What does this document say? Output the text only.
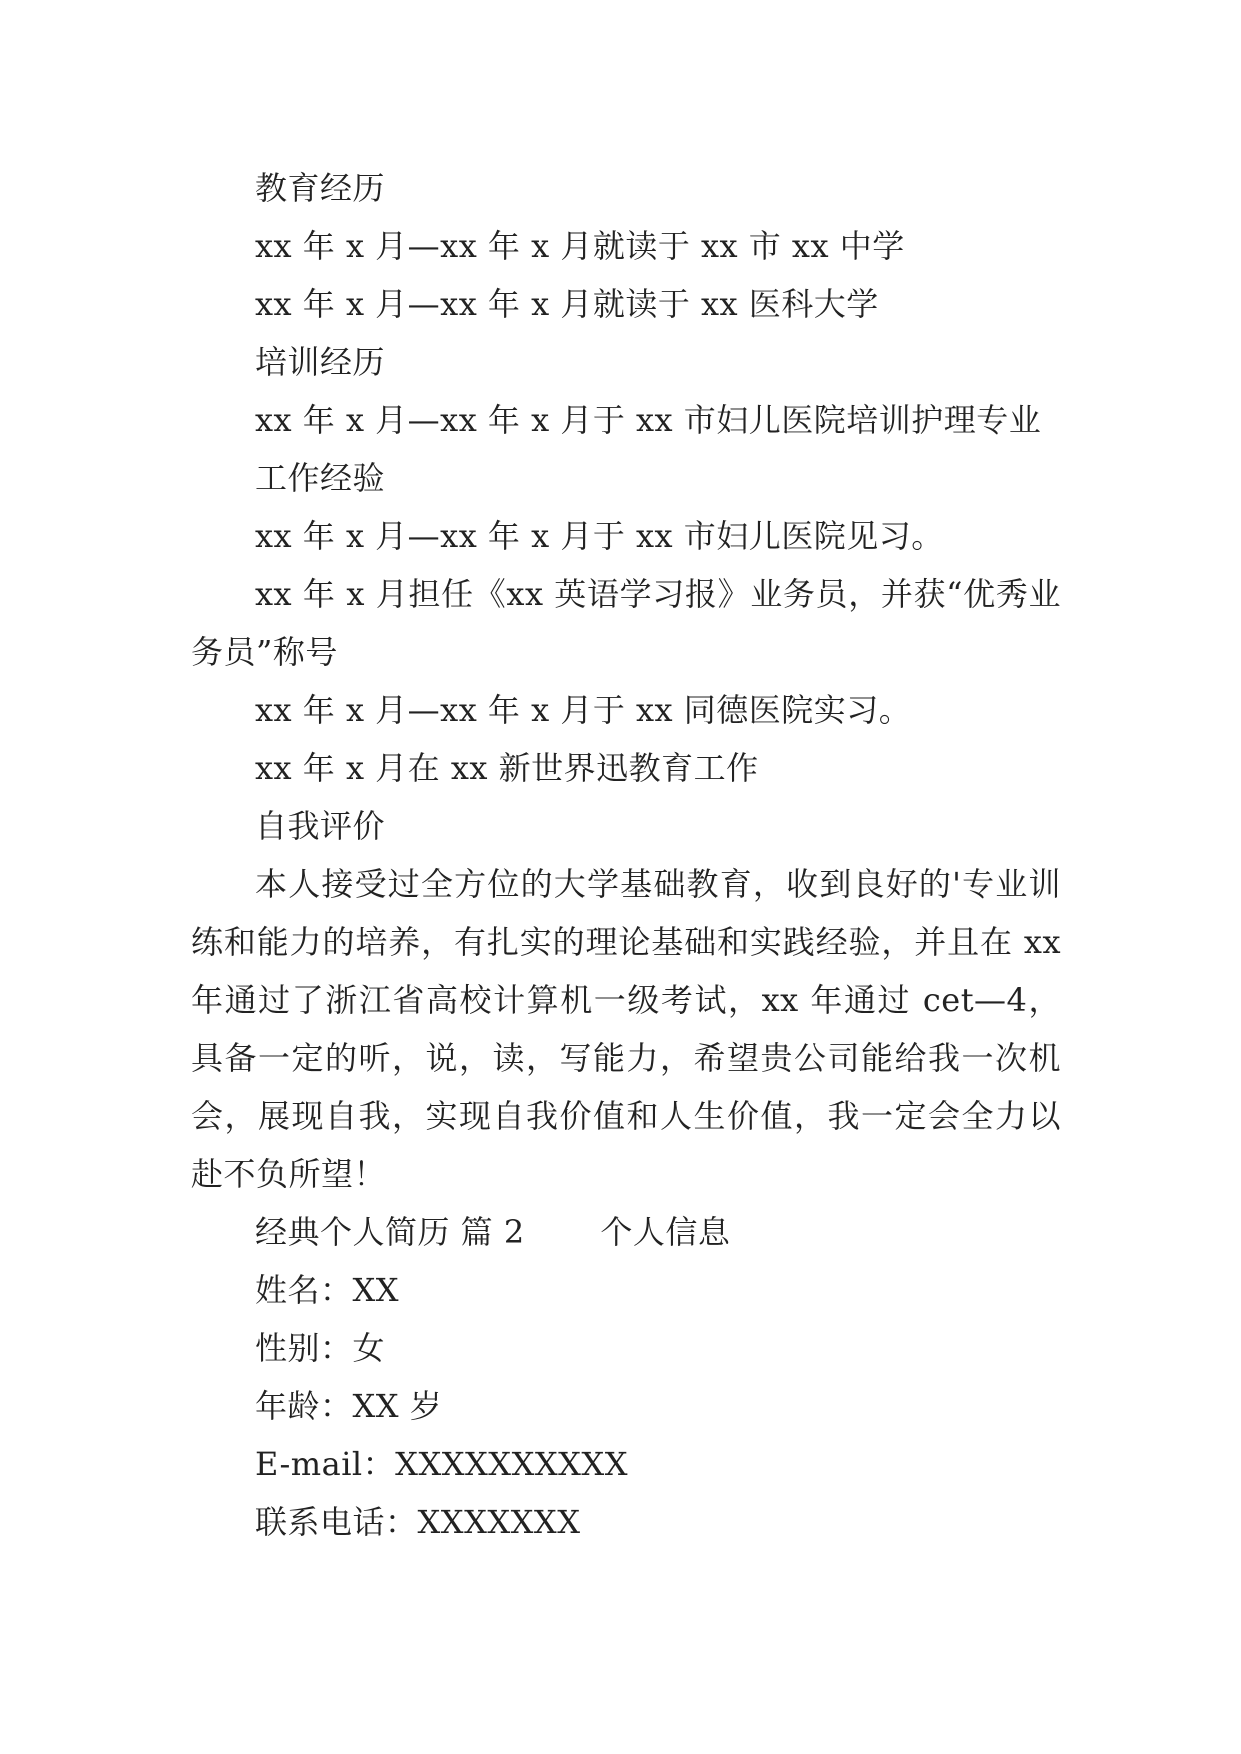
教育经历

xx 年 x 月—xx 年 x 月就读于 xx 市 xx 中学

xx 年 x 月—xx 年 x 月就读于 xx 医科大学

培训经历

xx 年 x 月—xx 年 x 月于 xx 市妇儿医院培训护理专业

工作经验

xx 年 x 月—xx 年 x 月于 xx 市妇儿医院见习。

xx 年 x 月担任《xx 英语学习报》业务员，并获“优秀业务员”称号

xx 年 x 月—xx 年 x 月于 xx 同德医院实习。

xx 年 x 月在 xx 新世界迅教育工作

自我评价

本人接受过全方位的大学基础教育，收到良好的'专业训练和能力的培养，有扎实的理论基础和实践经验，并且在 xx 年通过了浙江省高校计算机一级考试，xx 年通过 cet—4，具备一定的听，说，读，写能力，希望贵公司能给我一次机会，展现自我，实现自我价值和人生价值，我一定会全力以赴不负所望！

经典个人简历 篇 2 　　个人信息

姓名：XX

性别：女

年龄：XX 岁

E-mail：XXXXXXXXXX

联系电话：XXXXXXX
